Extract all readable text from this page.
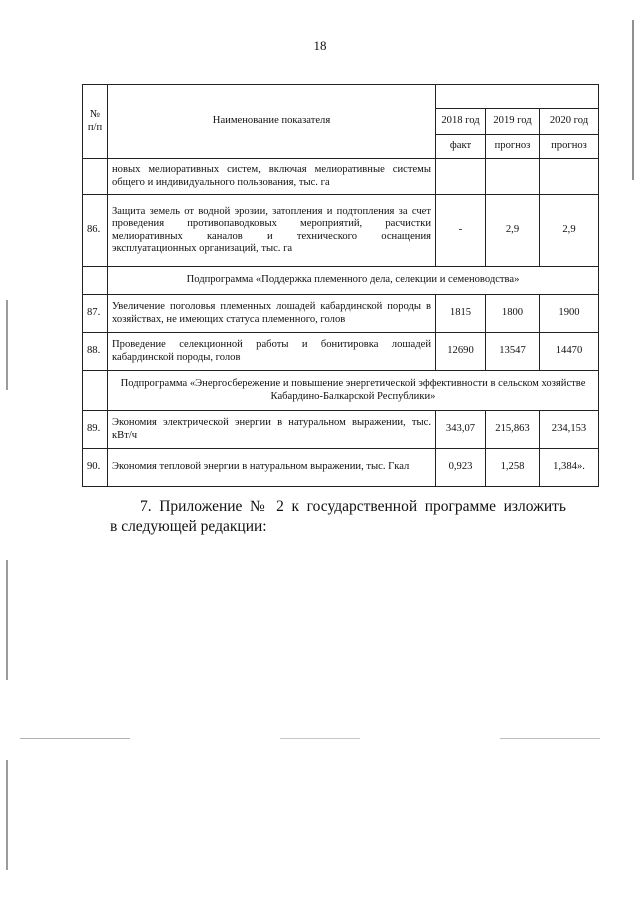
18
№ п/п	Наименование показателя			
		2018 год	2019 год	2020 год
		факт	прогноз	прогноз
	новых мелиоративных систем, включая мелиоративные системы общего и индивидуального пользования, тыс. га			
86.	Защита земель от водной эрозии, затопления и подтопления за счет проведения противопаводковых мероприятий, расчистки мелиоративных каналов и технического оснащения эксплуатационных организаций, тыс. га	-	2,9	2,9
	Подпрограмма «Поддержка племенного дела, селекции и семеноводства»			
87.	Увеличение поголовья племенных лошадей кабардинской породы в хозяйствах, не имеющих статуса племенного, голов	1815	1800	1900
88.	Проведение селекционной работы и бонитировка лошадей кабардинской породы, голов	12690	13547	14470
	Подпрограмма «Энергосбережение и повышение энергетической эффективности в сельском хозяйстве Кабардино-Балкарской Республики»			
89.	Экономия электрической энергии в натуральном выражении, тыс. кВт/ч	343,07	215,863	234,153
90.	Экономия тепловой энергии в натуральном выражении, тыс. Гкал	0,923	1,258	1,384».
7. Приложение № 2 к государственной программе изложить
в следующей редакции:
